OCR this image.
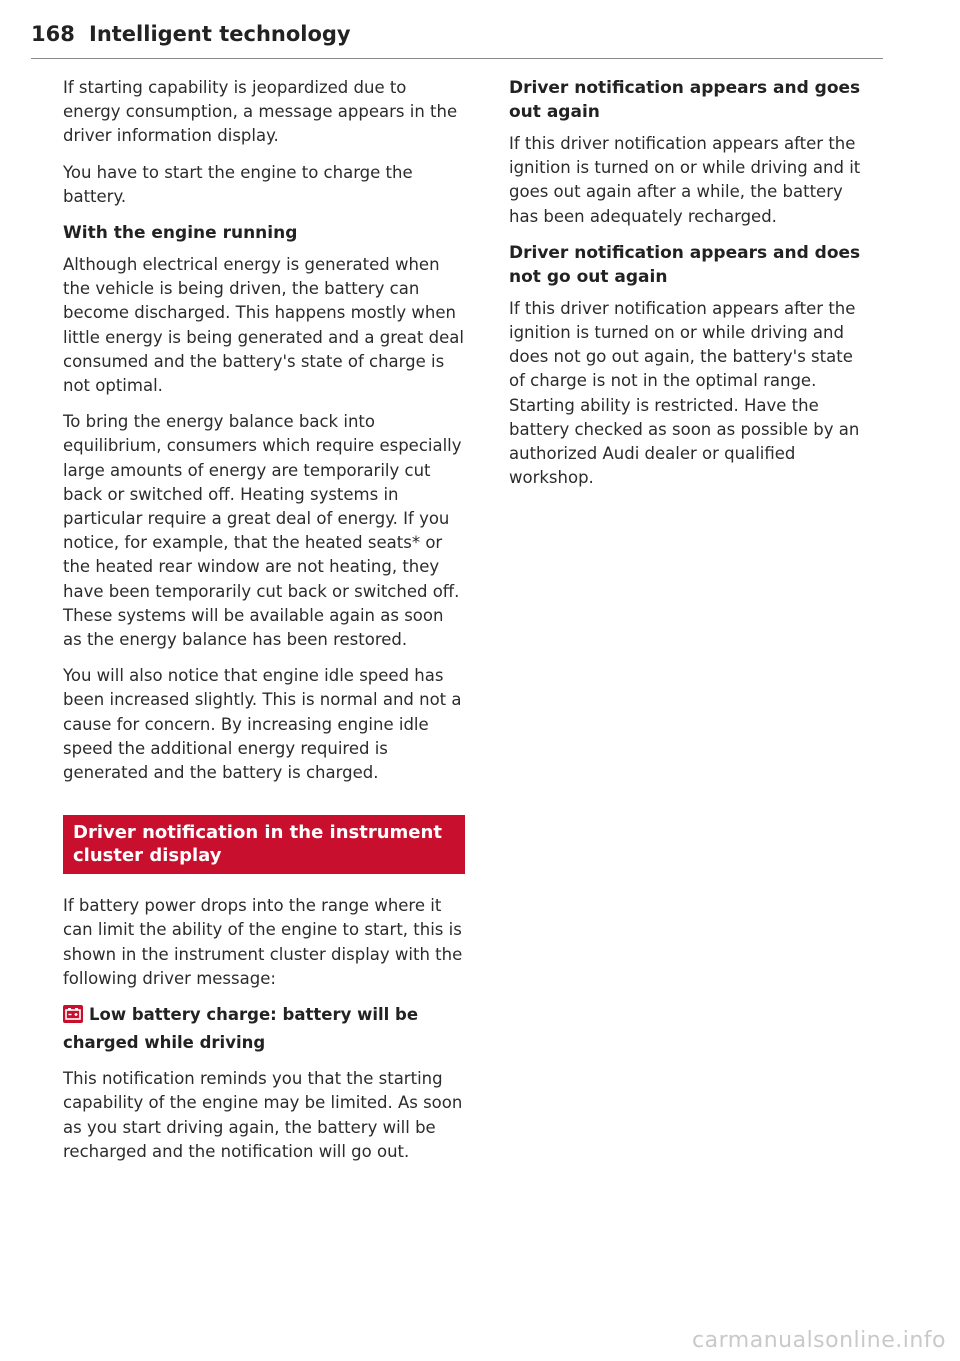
168 Intelligent technology

If starting capability is jeopardized due to energy consumption, a message appears in the driver information display.

You have to start the engine to charge the battery.

With the engine running

Although electrical energy is generated when the vehicle is being driven, the battery can become discharged. This happens mostly when little energy is being generated and a great deal consumed and the battery's state of charge is not optimal.

To bring the energy balance back into equilibrium, consumers which require especially large amounts of energy are temporarily cut back or switched off. Heating systems in particular require a great deal of energy. If you notice, for example, that the heated seats* or the heated rear window are not heating, they have been temporarily cut back or switched off. These systems will be available again as soon as the energy balance has been restored.

You will also notice that engine idle speed has been increased slightly. This is normal and not a cause for concern. By increasing engine idle speed the additional energy required is generated and the battery is charged.

Driver notification in the instrument cluster display

If battery power drops into the range where it can limit the ability of the engine to start, this is shown in the instrument cluster display with the following driver message:

Low battery charge: battery will be charged while driving

This notification reminds you that the starting capability of the engine may be limited. As soon as you start driving again, the battery will be recharged and the notification will go out.

Driver notification appears and goes out again

If this driver notification appears after the ignition is turned on or while driving and it goes out again after a while, the battery has been adequately recharged.

Driver notification appears and does not go out again

If this driver notification appears after the ignition is turned on or while driving and does not go out again, the battery's state of charge is not in the optimal range. Starting ability is restricted. Have the battery checked as soon as possible by an authorized Audi dealer or qualified workshop.

carmanualsonline.info
